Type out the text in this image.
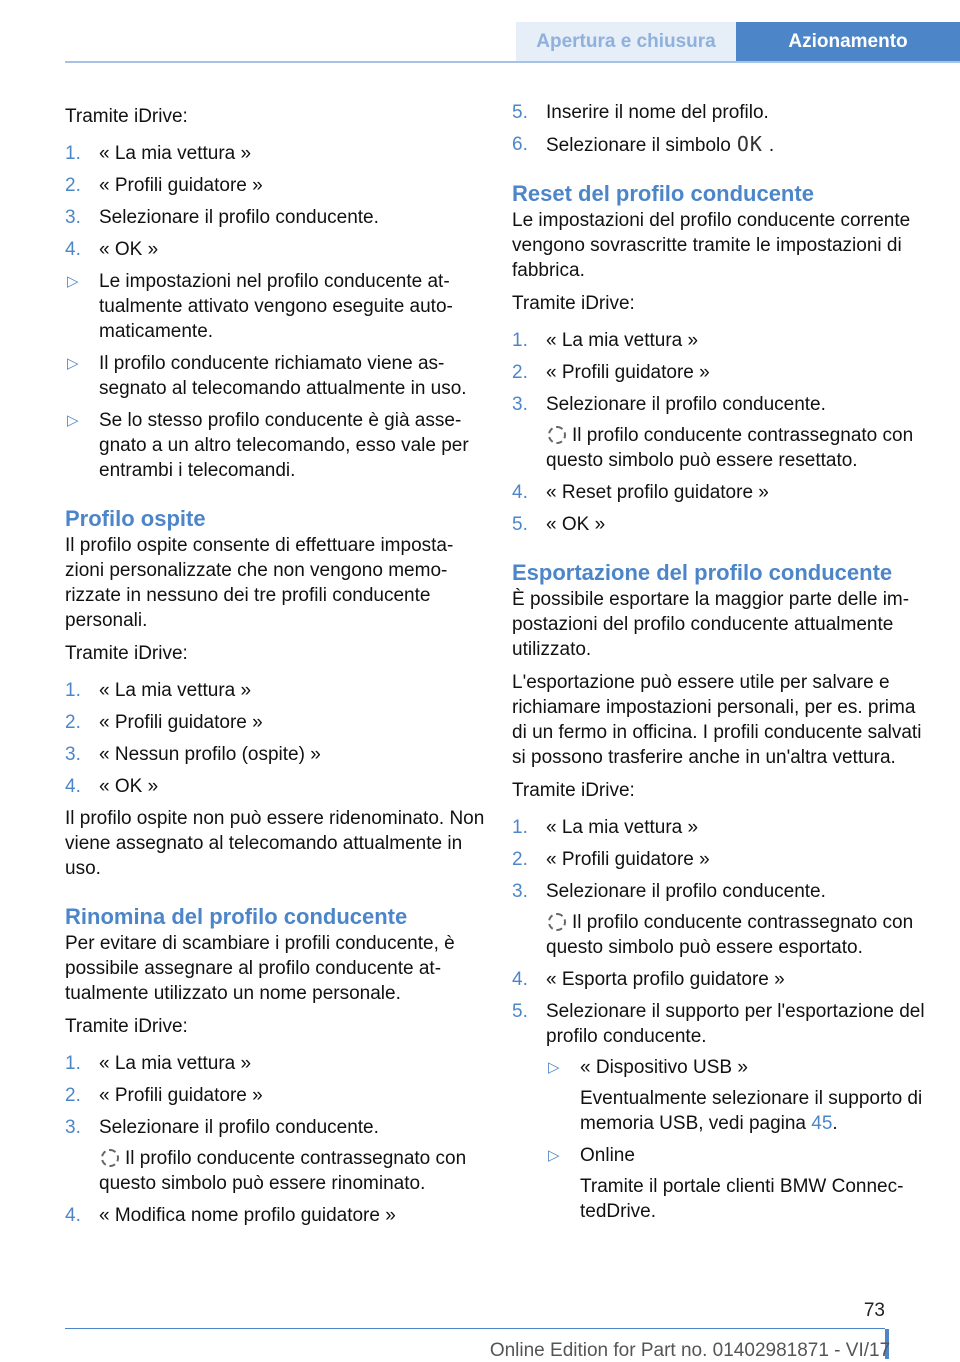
Apertura e chiusura	Azionamento

Tramite iDrive:

1. « La mia vettura »
2. « Profili guidatore »
3. Selezionare il profilo conducente.
4. « OK »
▷ Le impostazioni nel profilo conducente attualmente attivato vengono eseguite automaticamente.
▷ Il profilo conducente richiamato viene assegnato al telecomando attualmente in uso.
▷ Se lo stesso profilo conducente è già assegnato a un altro telecomando, esso vale per entrambi i telecomandi.
Profilo ospite

Il profilo ospite consente di effettuare impostazioni personalizzate che non vengono memorizzate in nessuno dei tre profili conducente personali.

Tramite iDrive:

1. « La mia vettura »
2. « Profili guidatore »
3. « Nessun profilo (ospite) »
4. « OK »

Il profilo ospite non può essere ridenominato. Non viene assegnato al telecomando attualmente in uso.

Rinomina del profilo conducente

Per evitare di scambiare i profili conducente, è possibile assegnare al profilo conducente attualmente utilizzato un nome personale.

Tramite iDrive:

1. « La mia vettura »
2. « Profili guidatore »
3. Selezionare il profilo conducente.
Il profilo conducente contrassegnato con questo simbolo può essere rinominato.
4. « Modifica nome profilo guidatore »
5. Inserire il nome del profilo.
6. Selezionare il simbolo OK .
Reset del profilo conducente

Le impostazioni del profilo conducente corrente vengono sovrascritte tramite le impostazioni di fabbrica.

Tramite iDrive:

1. « La mia vettura »
2. « Profili guidatore »
3. Selezionare il profilo conducente.
Il profilo conducente contrassegnato con questo simbolo può essere resettato.
4. « Reset profilo guidatore »
5. « OK »
Esportazione del profilo conducente

È possibile esportare la maggior parte delle impostazioni del profilo conducente attualmente utilizzato.

L'esportazione può essere utile per salvare e richiamare impostazioni personali, per es. prima di un fermo in officina. I profili conducente salvati si possono trasferire anche in un'altra vettura.

Tramite iDrive:

1. « La mia vettura »
2. « Profili guidatore »
3. Selezionare il profilo conducente.
Il profilo conducente contrassegnato con questo simbolo può essere esportato.
4. « Esporta profilo guidatore »
5. Selezionare il supporto per l'esportazione del profilo conducente.
▷ « Dispositivo USB »
Eventualmente selezionare il supporto di memoria USB, vedi pagina 45.
▷ Online
Tramite il portale clienti BMW ConnectedDrive.
73
Online Edition for Part no. 01402981871 - VI/17
